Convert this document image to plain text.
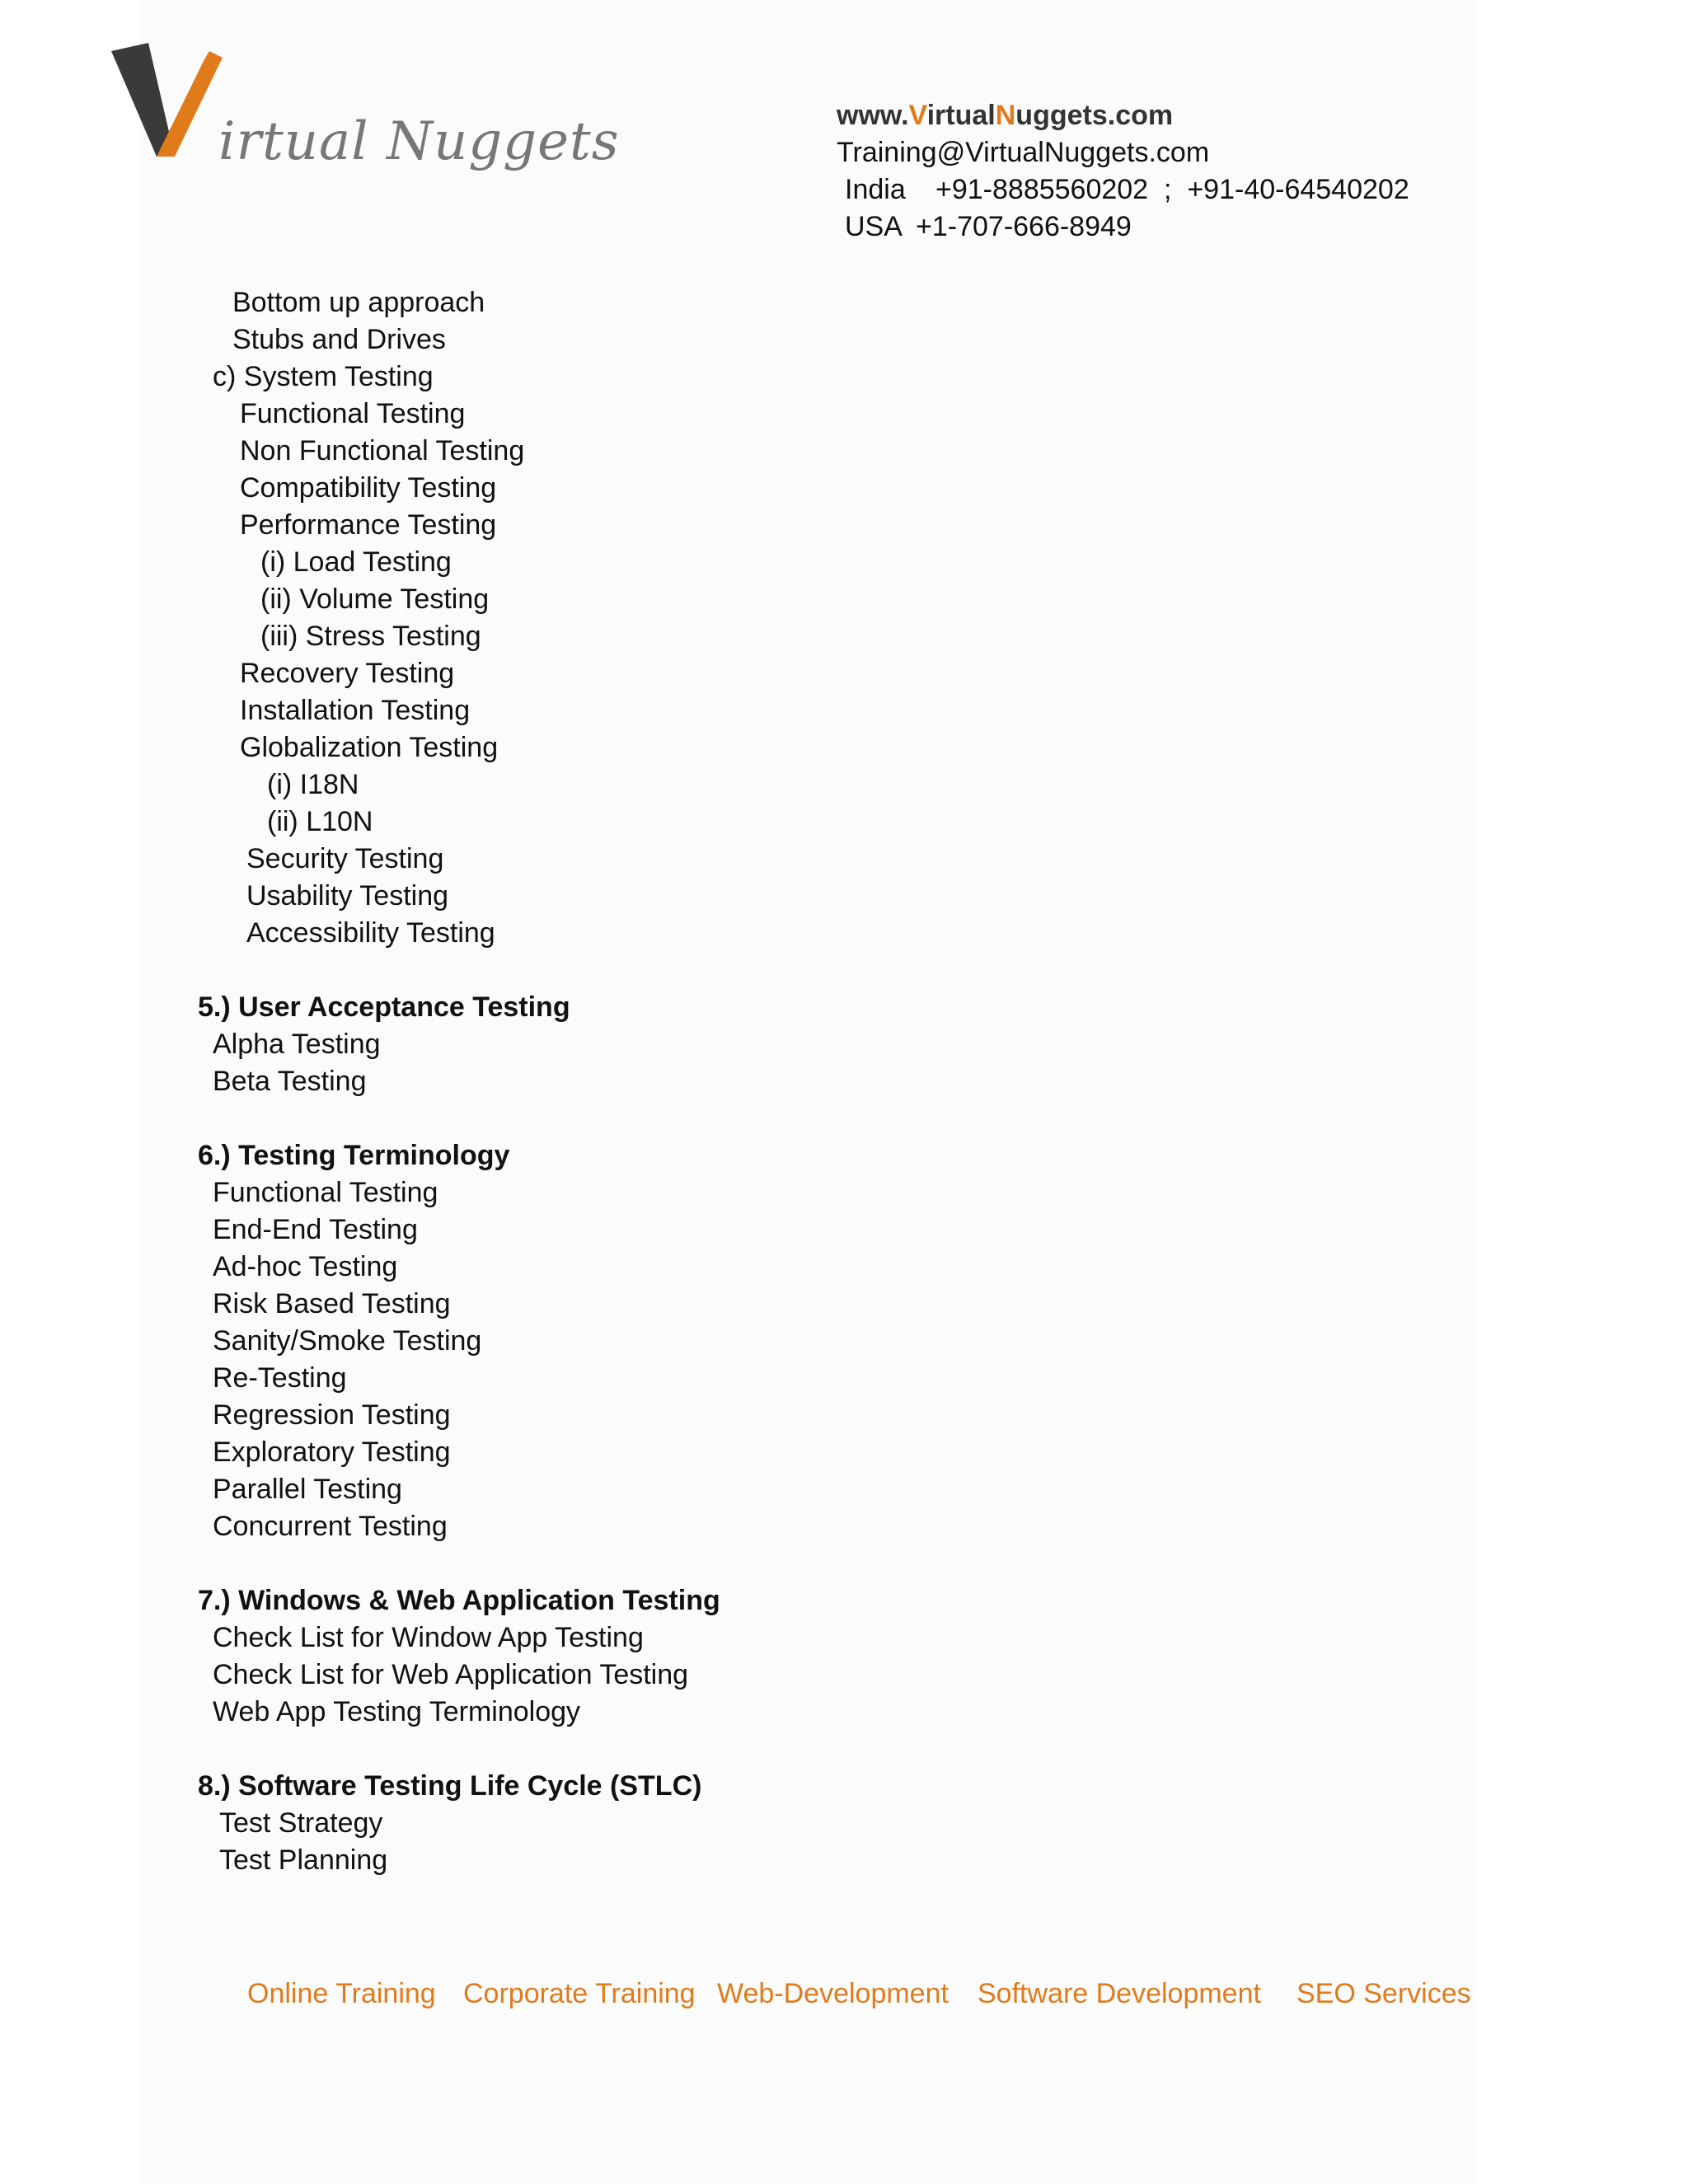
irtual Nuggets	www.VirtualNuggets.com
Training@VirtualNuggets.com
India +91-8885560202  ;  +91-40-64540202
USA +1-707-666-8949
Bottom up approach
Stubs and Drives
c) System Testing
Functional Testing
Non Functional Testing
Compatibility Testing
Performance Testing
(i) Load Testing
(ii) Volume Testing
(iii) Stress Testing
Recovery Testing
Installation Testing
Globalization Testing
(i) I18N
(ii) L10N
Security Testing
Usability Testing
Accessibility Testing
5.) User Acceptance Testing
Alpha Testing
Beta Testing
6.) Testing Terminology
Functional Testing
End-End Testing
Ad-hoc Testing
Risk Based Testing
Sanity/Smoke Testing
Re-Testing
Regression Testing
Exploratory Testing
Parallel Testing
Concurrent Testing
7.) Windows & Web Application Testing
Check List for Window App Testing
Check List for Web Application Testing
Web App Testing Terminology
8.) Software Testing Life Cycle (STLC)
Test Strategy
Test Planning
Online Training Corporate Training Web-Development Software Development SEO Services
